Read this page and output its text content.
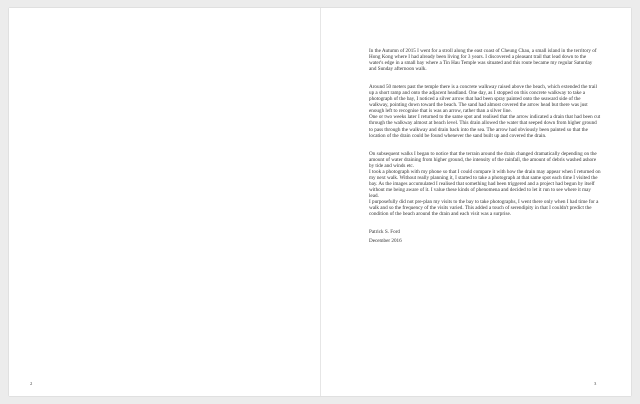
2	3

In the Autumn of 2015 I went for a stroll along the east coast of Cheung Chau, a small island in the territory of Hong Kong where I had already been living for 3 years. I discovered a pleasant trail that lead down to the water's edge in a small bay where a Tin Hau Temple was situated and this route became my regular Saturday and Sunday afternoon walk.

Around 50 meters past the temple there is a concrete walkway raised above the beach, which extended the trail up a short ramp and onto the adjacent headland. One day, as I stopped on this concrete walkway to take a photograph of the bay, I noticed a silver arrow that had been spray painted onto the seaward side of the walkway, pointing down toward the beach. The sand had almost covered the arrow head but there was just enough left to recognise that is was an arrow, rather than a silver line.

One or two weeks later I returned to the same spot and realised that the arrow indicated a drain that had been cut through the walkway almost at beach level. This drain allowed the water that seeped down from higher ground to pass through the walkway and drain back into the sea. The arrow had obviously been painted so that the location of the drain could be found whenever the sand built up and covered the drain.

On subsequent walks I began to notice that the terrain around the drain changed dramatically depending on the amount of water draining from higher ground, the intensity of the rainfall, the amount of debris washed ashore by tide and winds etc.

I took a photograph with my phone so that I could compare it with how the drain may appear when I returned on my next walk. Without really planning it, I started to take a photograph at that same spot each time I visited the bay. As the images accumulated I realised that something had been triggered and a project had begun by itself without me being aware of it. I value these kinds of phenomena and decided to let it run to see where it may lead.

I purposefully did not pre-plan my visits to the bay to take photographs, I went there only when I had time for a walk and so the frequency of the visits varied. This added a touch of serendipity in that I couldn't predict the condition of the beach around the drain and each visit was a surprise.

Patrick S. Ford

December 2016
